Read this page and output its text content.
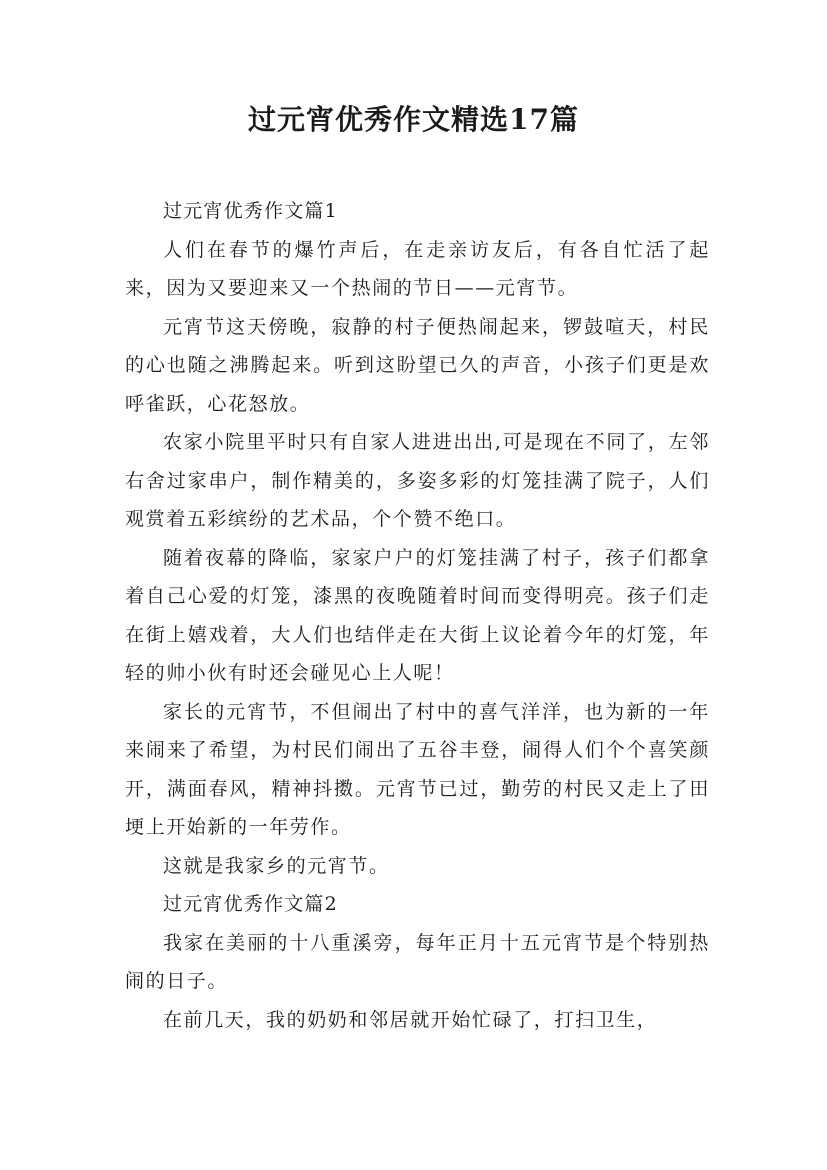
过元宵优秀作文精选17篇

过元宵优秀作文篇1

人们在春节的爆竹声后，在走亲访友后，有各自忙活了起来，因为又要迎来又一个热闹的节日——元宵节。

元宵节这天傍晚，寂静的村子便热闹起来，锣鼓喧天，村民的心也随之沸腾起来。听到这盼望已久的声音，小孩子们更是欢呼雀跃，心花怒放。

农家小院里平时只有自家人进进出出,可是现在不同了，左邻右舍过家串户，制作精美的，多姿多彩的灯笼挂满了院子，人们观赏着五彩缤纷的艺术品，个个赞不绝口。

随着夜幕的降临，家家户户的灯笼挂满了村子，孩子们都拿着自己心爱的灯笼，漆黑的夜晚随着时间而变得明亮。孩子们走在街上嬉戏着，大人们也结伴走在大街上议论着今年的灯笼，年轻的帅小伙有时还会碰见心上人呢！

家长的元宵节，不但闹出了村中的喜气洋洋，也为新的一年来闹来了希望，为村民们闹出了五谷丰登，闹得人们个个喜笑颜开，满面春风，精神抖擞。元宵节已过，勤劳的村民又走上了田埂上开始新的一年劳作。

这就是我家乡的元宵节。

过元宵优秀作文篇2

我家在美丽的十八重溪旁，每年正月十五元宵节是个特别热闹的日子。

在前几天，我的奶奶和邻居就开始忙碌了，打扫卫生，
